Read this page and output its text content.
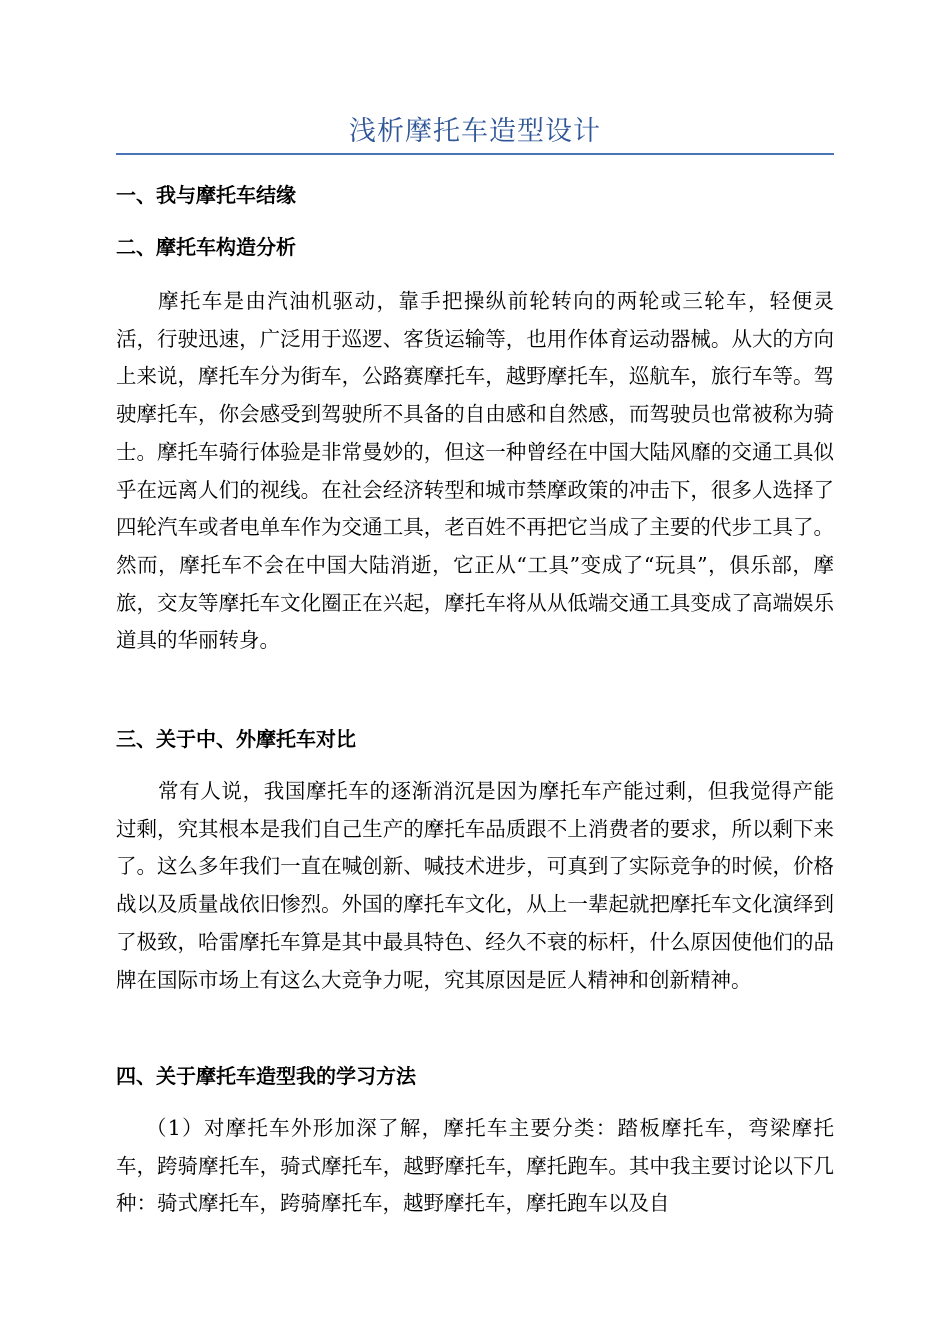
浅析摩托车造型设计
一、我与摩托车结缘
二、摩托车构造分析

摩托车是由汽油机驱动，靠手把操纵前轮转向的两轮或三轮车，轻便灵活，行驶迅速，广泛用于巡逻、客货运输等，也用作体育运动器械。从大的方向上来说，摩托车分为街车，公路赛摩托车，越野摩托车，巡航车，旅行车等。驾驶摩托车，你会感受到驾驶所不具备的自由感和自然感，而驾驶员也常被称为骑士。摩托车骑行体验是非常曼妙的，但这一种曾经在中国大陆风靡的交通工具似乎在远离人们的视线。在社会经济转型和城市禁摩政策的冲击下，很多人选择了四轮汽车或者电单车作为交通工具，老百姓不再把它当成了主要的代步工具了。然而，摩托车不会在中国大陆消逝，它正从“工具”变成了“玩具”，俱乐部，摩旅，交友等摩托车文化圈正在兴起，摩托车将从从低端交通工具变成了高端娱乐道具的华丽转身。

三、关于中、外摩托车对比

常有人说，我国摩托车的逐渐消沉是因为摩托车产能过剩，但我觉得产能过剩，究其根本是我们自己生产的摩托车品质跟不上消费者的要求，所以剩下来了。这么多年我们一直在喊创新、喊技术进步，可真到了实际竞争的时候，价格战以及质量战依旧惨烈。外国的摩托车文化，从上一辈起就把摩托车文化演绎到了极致，哈雷摩托车算是其中最具特色、经久不衰的标杆，什么原因使他们的品牌在国际市场上有这么大竞争力呢，究其原因是匠人精神和创新精神。

四、关于摩托车造型我的学习方法

（1）对摩托车外形加深了解，摩托车主要分类：踏板摩托车，弯梁摩托车，跨骑摩托车，骑式摩托车，越野摩托车，摩托跑车。其中我主要讨论以下几种：骑式摩托车，跨骑摩托车，越野摩托车，摩托跑车以及自
